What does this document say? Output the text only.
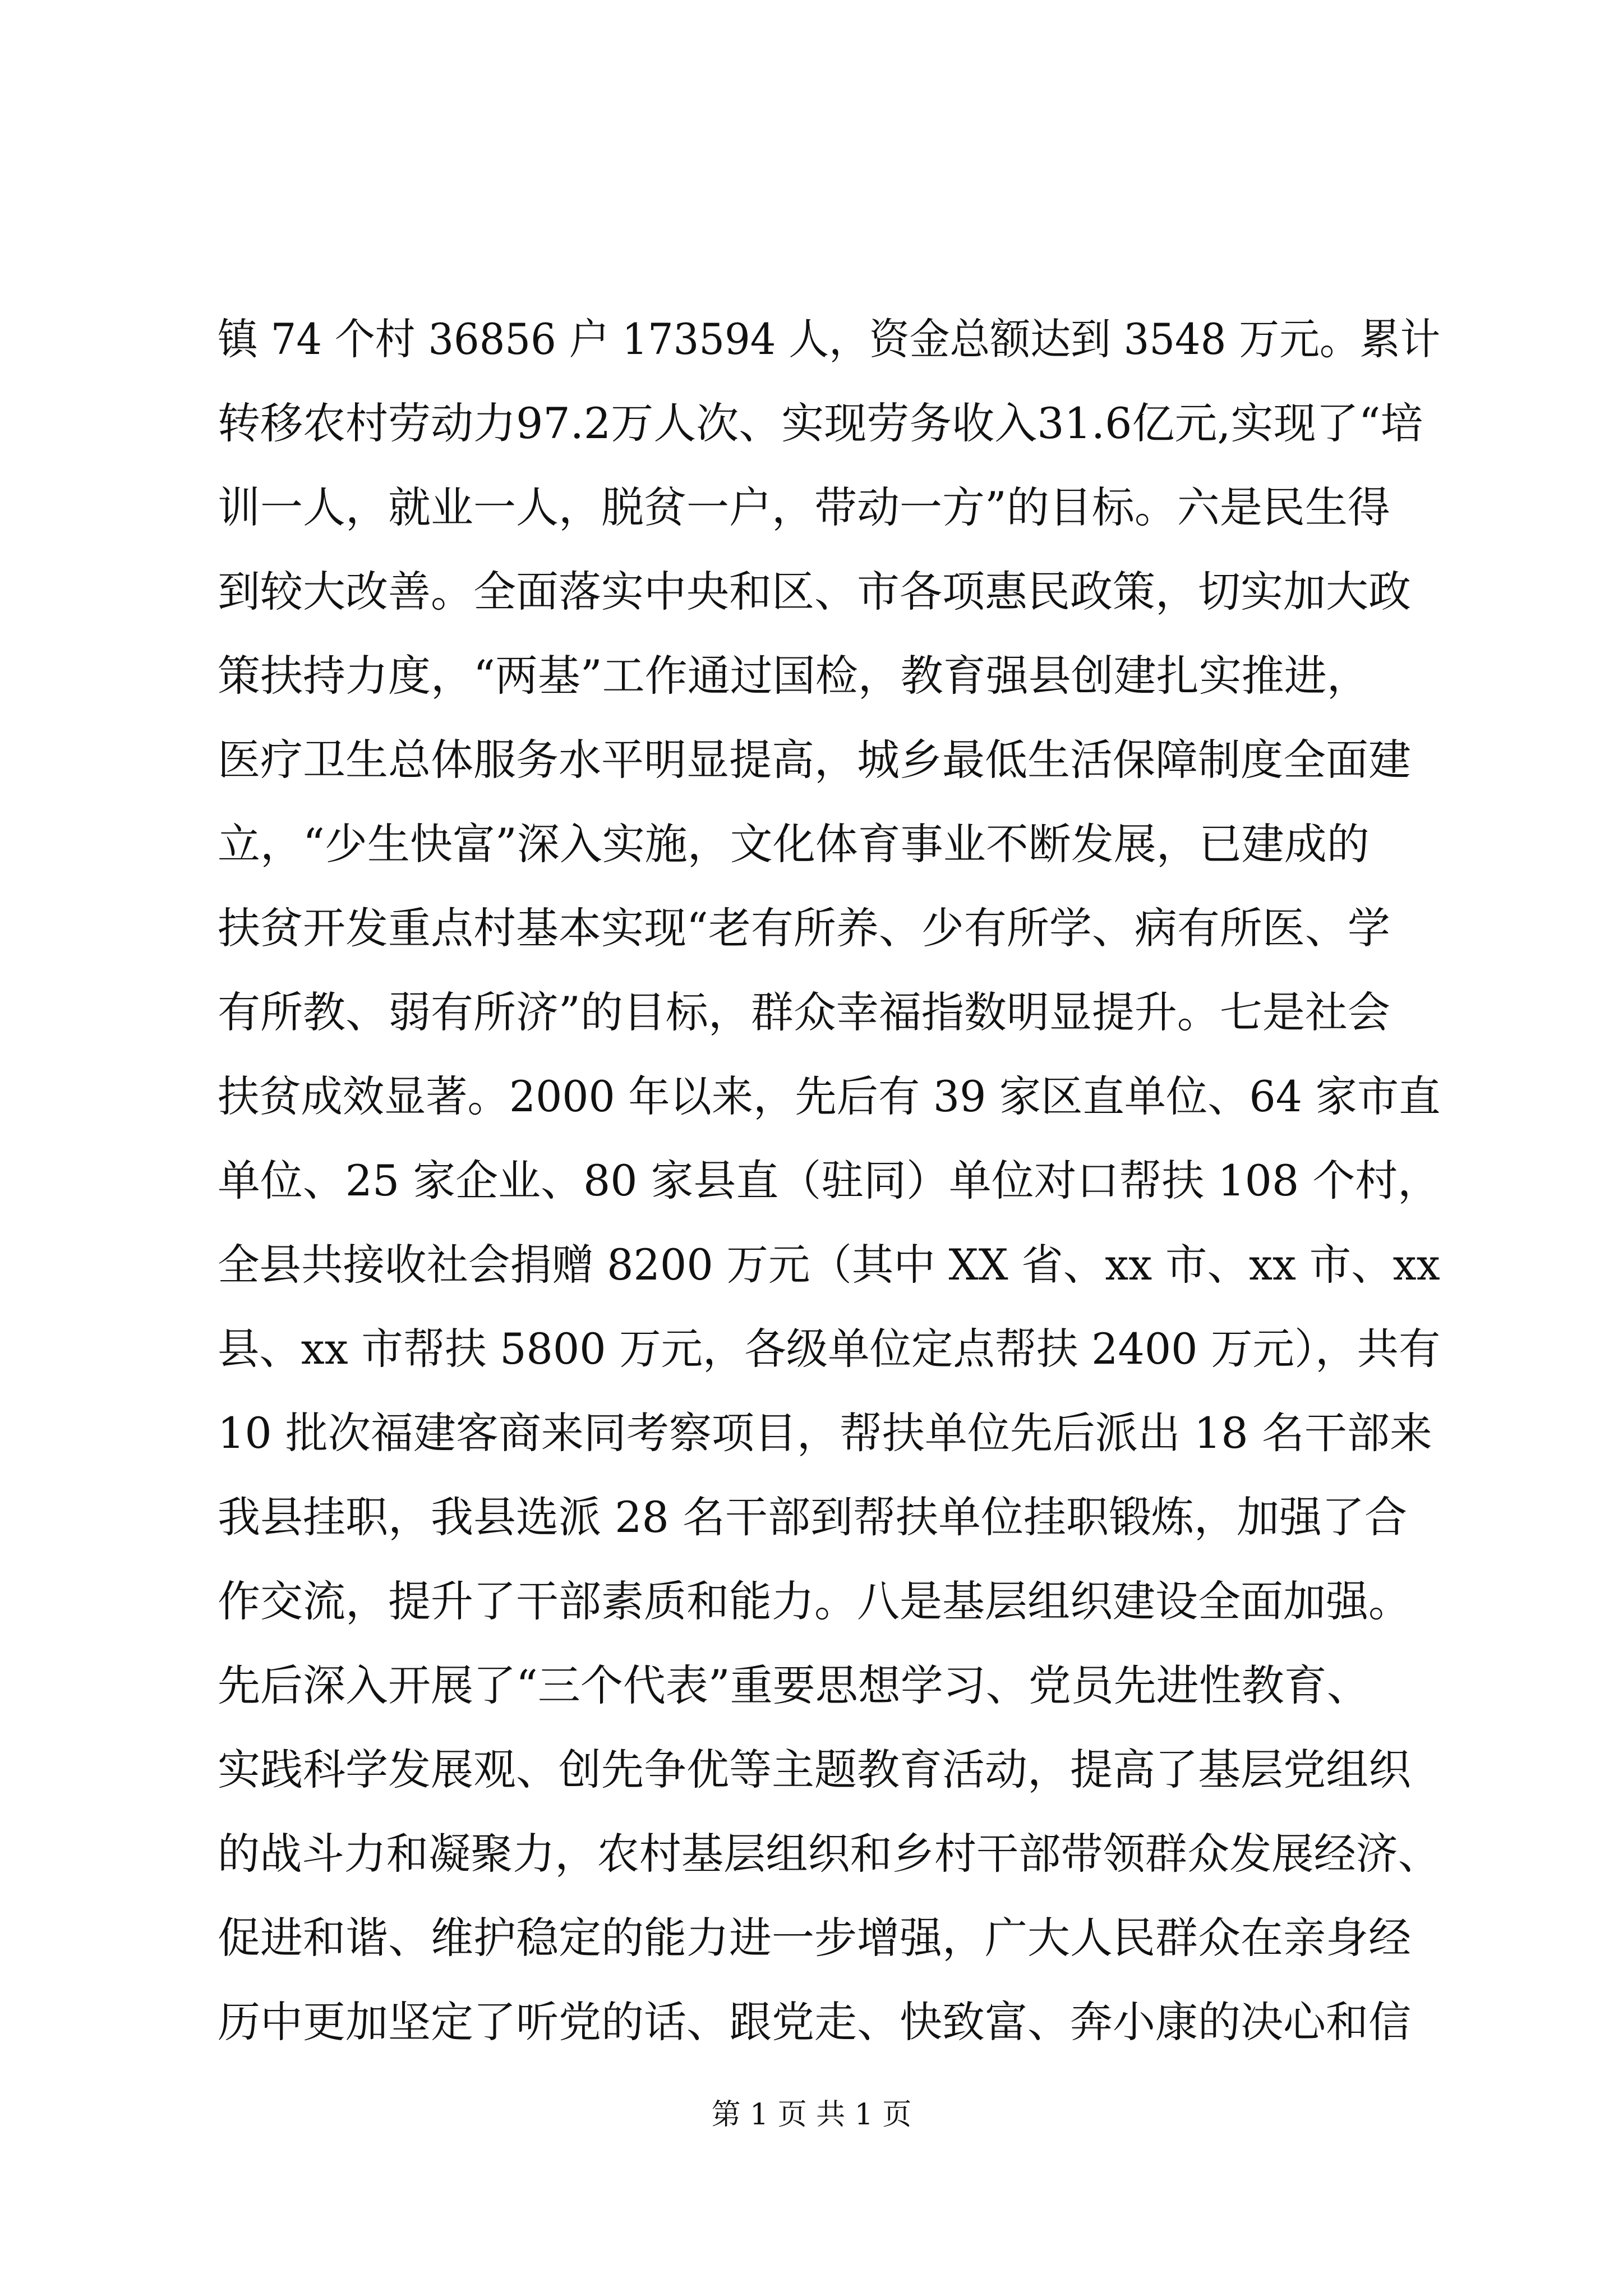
镇 74 个村 36856 户 173594 人，资金总额达到 3548 万元。累计
转移农村劳动力97.2万人次、实现劳务收入31.6亿元,实现了“培
训一人，就业一人，脱贫一户，带动一方”的目标。六是民生得
到较大改善。全面落实中央和区、市各项惠民政策，切实加大政
策扶持力度，“两基”工作通过国检，教育强县创建扎实推进，
医疗卫生总体服务水平明显提高，城乡最低生活保障制度全面建
立，“少生快富”深入实施，文化体育事业不断发展，已建成的
扶贫开发重点村基本实现“老有所养、少有所学、病有所医、学
有所教、弱有所济”的目标，群众幸福指数明显提升。七是社会
扶贫成效显著。2000 年以来，先后有 39 家区直单位、64 家市直
单位、25 家企业、80 家县直（驻同）单位对口帮扶 108 个村，
全县共接收社会捐赠 8200 万元（其中 XX 省、xx 市、xx 市、xx
县、xx 市帮扶 5800 万元，各级单位定点帮扶 2400 万元），共有
10 批次福建客商来同考察项目，帮扶单位先后派出 18 名干部来
我县挂职，我县选派 28 名干部到帮扶单位挂职锻炼，加强了合
作交流，提升了干部素质和能力。八是基层组织建设全面加强。
先后深入开展了“三个代表”重要思想学习、党员先进性教育、
实践科学发展观、创先争优等主题教育活动，提高了基层党组织
的战斗力和凝聚力，农村基层组织和乡村干部带领群众发展经济、
促进和谐、维护稳定的能力进一步增强，广大人民群众在亲身经
历中更加坚定了听党的话、跟党走、快致富、奔小康的决心和信
第 1 页 共 1 页
